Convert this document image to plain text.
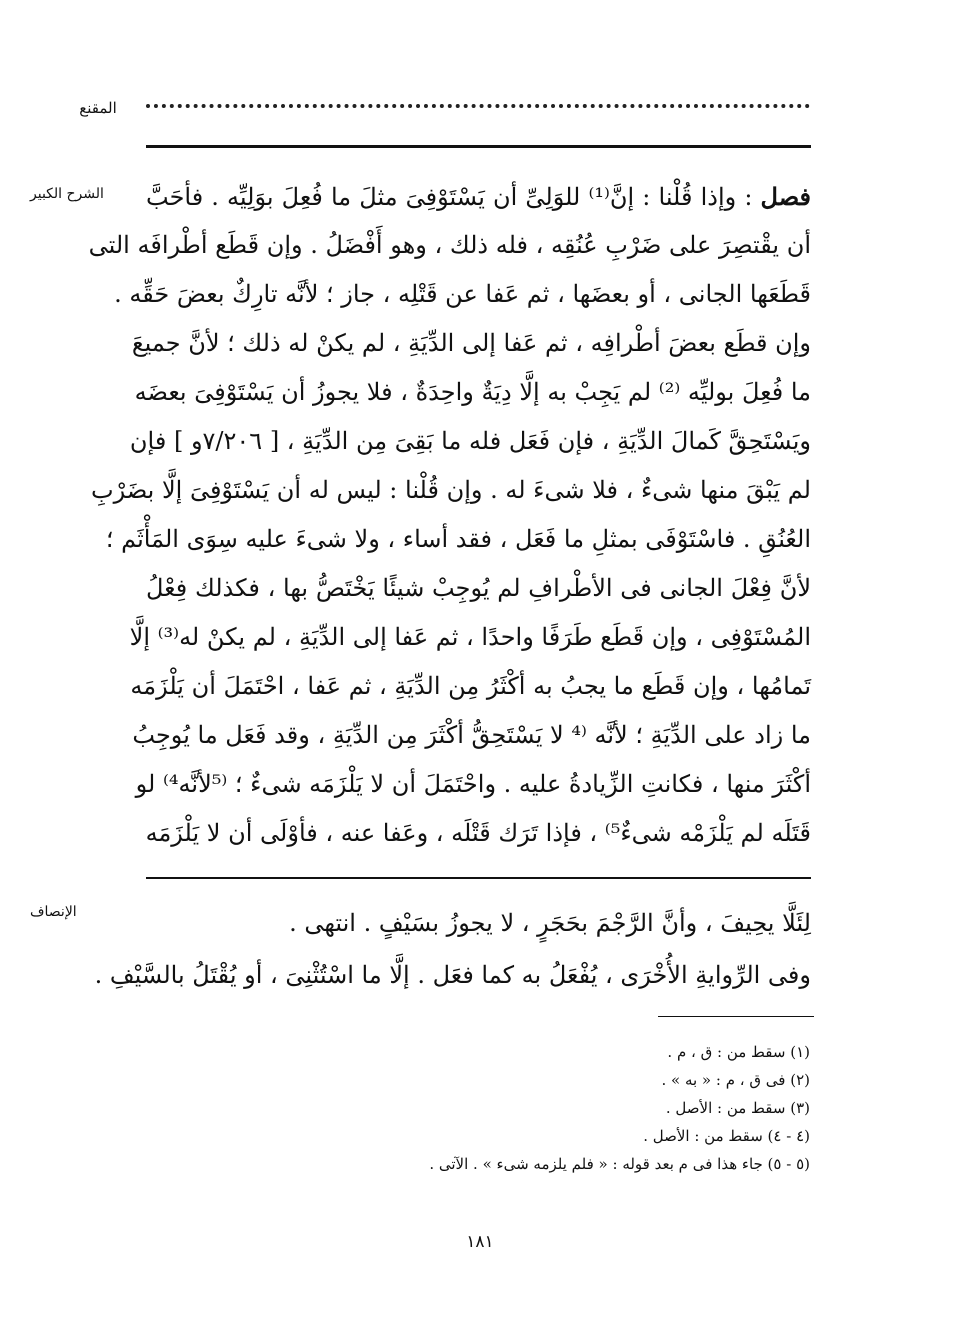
المقنع
الشرح الكبير	فصل : وإذا قُلْنا : إنَّ⁽¹⁾ للوَلِىِّ أن يَسْتَوْفِىَ مثلَ ما فُعِلَ بوَلِيِّه . فأحَبَّ
أن يقْتصِرَ على ضَرْبِ عُنُقِه ، فله ذلك ، وهو أَفْضَلُ . وإن قَطَع أطْرافَه التى
قَطَعَها الجانى ، أو بعضَها ، ثم عَفا عن قَتْلِه ، جاز ؛ لأنَّه تارِكٌ بعضَ حَقِّه .
وإن قطَع بعضَ أطْرافِه ، ثم عَفا إلى الدِّيَةِ ، لم يكنْ له ذلك ؛ لأنَّ جميعَ
ما فُعِلَ بوليِّه ⁽²⁾ لم يَجِبْ به إلَّا دِيَةٌ واحِدَةٌ ، فلا يجوزُ أن يَسْتَوْفِىَ بعضَه
ويَسْتَحِقَّ كَمالَ الدِّيَةِ ، فإن فَعَل فله ما بَقِىَ مِن الدِّيَةِ ، [ ٧/٢٠٦و ] فإن
لم يَبْقَ منها شىءٌ ، فلا شىءَ له . وإن قُلْنا : ليس له أن يَسْتَوْفِىَ إلَّا بضَرْبِ
العُنُقِ . فاسْتَوْفَى بمثلِ ما فَعَل ، فقد أساء ، ولا شىءَ عليه سِوَى المَأْثَم ؛
لأنَّ فِعْلَ الجانى فى الأطْرافِ لم يُوجِبْ شيئًا يَخْتَصُّ بها ، فكذلك فِعْلُ
المُسْتَوْفِى ، وإن قَطَع طَرَفًا واحدًا ، ثم عَفا إلى الدِّيَةِ ، لم يكنْ له⁽³⁾ إلَّا
تَمامُها ، وإن قَطَع ما يجبُ به أكْثَرُ مِن الدِّيَةِ ، ثم عَفا ، احْتَمَلَ أن يَلْزَمَه
ما زاد على الدِّيَةِ ؛ لأنَّه ⁽⁴ لا يَسْتَحِقُّ أكْثَرَ مِن الدِّيَةِ ، وقد فَعَل ما يُوجِبُ
أكْثَرَ منها ، فكانتِ الزِّيادةُ عليه . واحْتَمَلَ أن لا يَلْزَمَه شىءٌ ؛ ⁽⁵لأنَّه⁴⁾ لو
قَتَلَه لم يَلْزَمْه شىءٌ⁵⁾ ، فإذا تَرَك قَتْلَه ، وعَفا عنه ، فأوْلَى أن لا يَلْزَمَه
الإنصاف	لِئَلَّا يحِيفَ ، وأنَّ الرَّجْمَ بحَجَرٍ ، لا يجوزُ بسَيْفٍ . انتهى .
وفى الرِّوايةِ الأُخْرَى ، يُفْعَلُ به كما فعَل . إلَّا ما اسْتُثْنِىَ ، أو يُقْتَلُ بالسَّيْفِ .
(١) سقط من : ق ، م .
(٢) فى ق ، م : « به » .
(٣) سقط من : الأصل .
(٤ - ٤) سقط من : الأصل .
(٥ - ٥) جاء هذا فى م بعد قوله : « فلم يلزمه شىء » . الآتى .
١٨١
